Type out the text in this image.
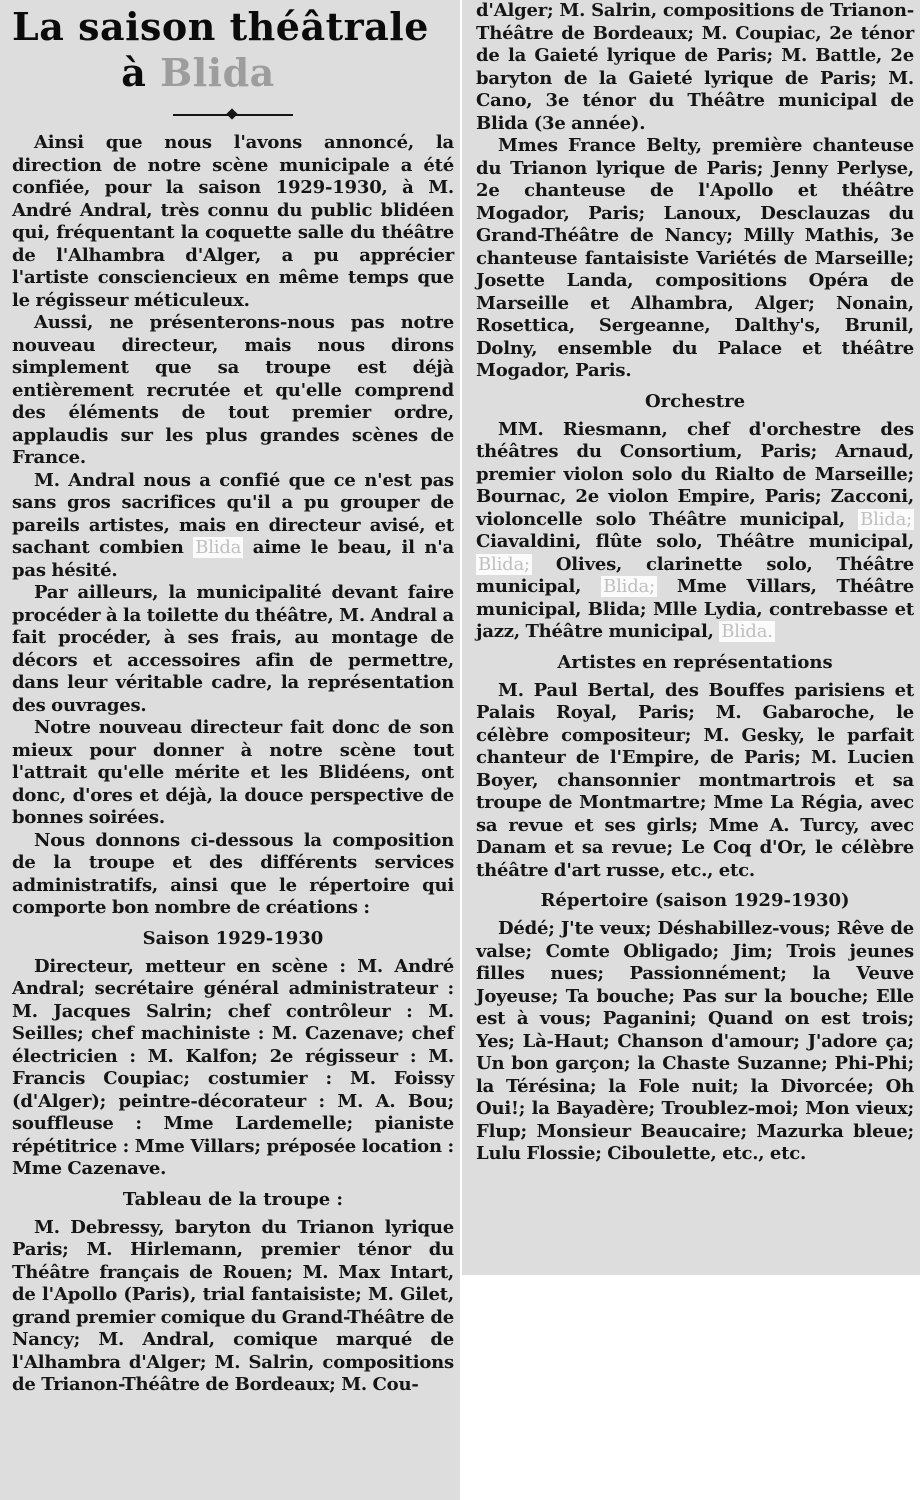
La saison théâtrale
à Blida

Ainsi que nous l'avons annoncé, la direction de notre scène municipale a été confiée, pour la saison 1929-1930, à M. André Andral, très connu du public blidéen qui, fréquentant la coquette salle du théâtre de l'Alhambra d'Alger, a pu apprécier l'artiste consciencieux en même temps que le régisseur méticuleux.

Aussi, ne présenterons-nous pas notre nouveau directeur, mais nous dirons simplement que sa troupe est déjà entièrement recrutée et qu'elle comprend des éléments de tout premier ordre, applaudis sur les plus grandes scènes de France.

M. Andral nous a confié que ce n'est pas sans gros sacrifices qu'il a pu grouper de pareils artistes, mais en directeur avisé, et sachant combien Blida aime le beau, il n'a pas hésité.

Par ailleurs, la municipalité devant faire procéder à la toilette du théâtre, M. Andral a fait procéder, à ses frais, au montage de décors et accessoires afin de permettre, dans leur véritable cadre, la représentation des ouvrages.

Notre nouveau directeur fait donc de son mieux pour donner à notre scène tout l'attrait qu'elle mérite et les Blidéens, ont donc, d'ores et déjà, la douce perspective de bonnes soirées.

Nous donnons ci-dessous la composition de la troupe et des différents services administratifs, ainsi que le répertoire qui comporte bon nombre de créations :

Saison 1929-1930

Directeur, metteur en scène : M. André Andral; secrétaire général administrateur : M. Jacques Salrin; chef contrôleur : M. Seilles; chef machiniste : M. Cazenave; chef électricien : M. Kalfon; 2e régisseur : M. Francis Coupiac; costumier : M. Foissy (d'Alger); peintre-décorateur : M. A. Bou; souffleuse : Mme Lardemelle; pianiste répétitrice : Mme Villars; préposée location : Mme Cazenave.

Tableau de la troupe :

M. Debressy, baryton du Trianon lyrique Paris; M. Hirlemann, premier ténor du Théâtre français de Rouen; M. Max Intart, de l'Apollo (Paris), trial fantaisiste; M. Gilet, grand premier comique du Grand-Théâtre de Nancy; M. Andral, comique marqué de l'Alhambra d'Alger; M. Salrin, compositions de Trianon-Théâtre de Bordeaux; M. Cou-

d'Alger; M. Salrin, compositions de Trianon-Théâtre de Bordeaux; M. Coupiac, 2e ténor de la Gaieté lyrique de Paris; M. Battle, 2e baryton de la Gaieté lyrique de Paris; M. Cano, 3e ténor du Théâtre municipal de Blida (3e année).

Mmes France Belty, première chanteuse du Trianon lyrique de Paris; Jenny Perlyse, 2e chanteuse de l'Apollo et théâtre Mogador, Paris; Lanoux, Desclauzas du Grand-Théâtre de Nancy; Milly Mathis, 3e chanteuse fantaisiste Variétés de Marseille; Josette Landa, compositions Opéra de Marseille et Alhambra, Alger; Nonain, Rosettica, Sergeanne, Dalthy's, Brunil, Dolny, ensemble du Palace et théâtre Mogador, Paris.

Orchestre

MM. Riesmann, chef d'orchestre des théâtres du Consortium, Paris; Arnaud, premier violon solo du Rialto de Marseille; Bournac, 2e violon Empire, Paris; Zacconi, violoncelle solo Théâtre municipal, Blida; Ciavaldini, flûte solo, Théâtre municipal, Blida; Olives, clarinette solo, Théâtre municipal, Blida; Mme Villars, Théâtre municipal, Blida; Mlle Lydia, contrebasse et jazz, Théâtre municipal, Blida.

Artistes en représentations

M. Paul Bertal, des Bouffes parisiens et Palais Royal, Paris; M. Gabaroche, le célèbre compositeur; M. Gesky, le parfait chanteur de l'Empire, de Paris; M. Lucien Boyer, chansonnier montmartrois et sa troupe de Montmartre; Mme La Régia, avec sa revue et ses girls; Mme A. Turcy, avec Danam et sa revue; Le Coq d'Or, le célèbre théâtre d'art russe, etc., etc.

Répertoire (saison 1929-1930)

Dédé; J'te veux; Déshabillez-vous; Rêve de valse; Comte Obligado; Jim; Trois jeunes filles nues; Passionnément; la Veuve Joyeuse; Ta bouche; Pas sur la bouche; Elle est à vous; Paganini; Quand on est trois; Yes; Là-Haut; Chanson d'amour; J'adore ça; Un bon garçon; la Chaste Suzanne; Phi-Phi; la Térésina; la Fole nuit; la Divorcée; Oh Oui!; la Bayadère; Troublez-moi; Mon vieux; Flup; Monsieur Beaucaire; Mazurka bleue; Lulu Flossie; Ciboulette, etc., etc.
